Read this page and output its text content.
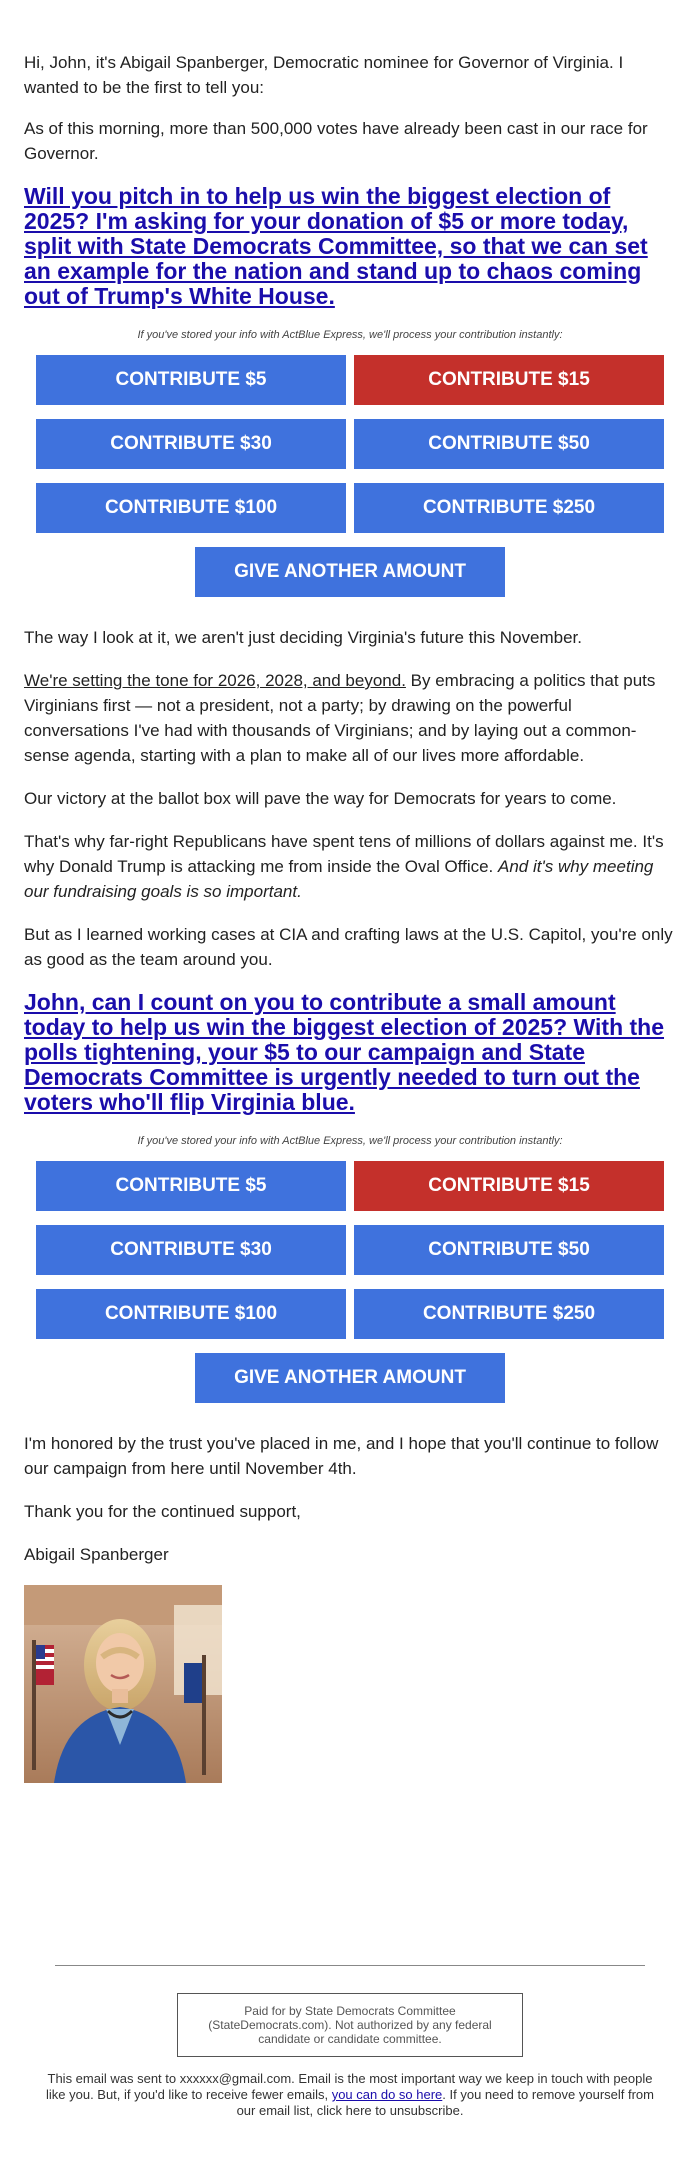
Hi, John, it's Abigail Spanberger, Democratic nominee for Governor of Virginia. I wanted to be the first to tell you:

As of this morning, more than 500,000 votes have already been cast in our race for Governor.

Will you pitch in to help us win the biggest election of 2025? I'm asking for your donation of $5 or more today, split with State Democrats Committee, so that we can set an example for the nation and stand up to chaos coming out of Trump's White House.
If you've stored your info with ActBlue Express, we'll process your contribution instantly:
CONTRIBUTE $5	CONTRIBUTE $15
CONTRIBUTE $30	CONTRIBUTE $50
CONTRIBUTE $100	CONTRIBUTE $250
GIVE ANOTHER AMOUNT

The way I look at it, we aren't just deciding Virginia's future this November.

We're setting the tone for 2026, 2028, and beyond. By embracing a politics that puts Virginians first — not a president, not a party; by drawing on the powerful conversations I've had with thousands of Virginians; and by laying out a common-sense agenda, starting with a plan to make all of our lives more affordable.

Our victory at the ballot box will pave the way for Democrats for years to come.

That's why far-right Republicans have spent tens of millions of dollars against me. It's why Donald Trump is attacking me from inside the Oval Office. And it's why meeting our fundraising goals is so important.

But as I learned working cases at CIA and crafting laws at the U.S. Capitol, you're only as good as the team around you.

John, can I count on you to contribute a small amount today to help us win the biggest election of 2025? With the polls tightening, your $5 to our campaign and State Democrats Committee is urgently needed to turn out the voters who'll flip Virginia blue.
If you've stored your info with ActBlue Express, we'll process your contribution instantly:
CONTRIBUTE $5	CONTRIBUTE $15
CONTRIBUTE $30	CONTRIBUTE $50
CONTRIBUTE $100	CONTRIBUTE $250
GIVE ANOTHER AMOUNT

I'm honored by the trust you've placed in me, and I hope that you'll continue to follow our campaign from here until November 4th.

Thank you for the continued support,

Abigail Spanberger

Paid for by State Democrats Committee (StateDemocrats.com). Not authorized by any federal candidate or candidate committee.
This email was sent to xxxxxx@gmail.com. Email is the most important way we keep in touch with people like you. But, if you'd like to receive fewer emails, you can do so here. If you need to remove yourself from our email list, click here to unsubscribe.
